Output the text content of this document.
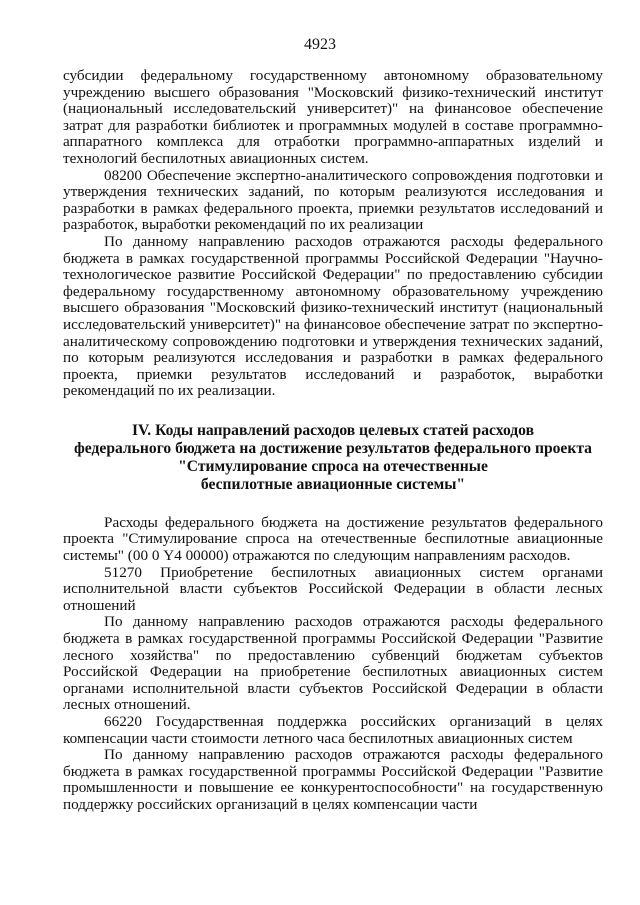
4923

субсидии федеральному государственному автономному образовательному учреждению высшего образования "Московский физико-технический институт (национальный исследовательский университет)" на финансовое обеспечение затрат для разработки библиотек и программных модулей в составе программно-аппаратного комплекса для отработки программно-аппаратных изделий и технологий беспилотных авиационных систем.

08200 Обеспечение экспертно-аналитического сопровождения подготовки и утверждения технических заданий, по которым реализуются исследования и разработки в рамках федерального проекта, приемки результатов исследований и разработок, выработки рекомендаций по их реализации

По данному направлению расходов отражаются расходы федерального бюджета в рамках государственной программы Российской Федерации "Научно-технологическое развитие Российской Федерации" по предоставлению субсидии федеральному государственному автономному образовательному учреждению высшего образования "Московский физико-технический институт (национальный исследовательский университет)" на финансовое обеспечение затрат по экспертно-аналитическому сопровождению подготовки и утверждения технических заданий, по которым реализуются исследования и разработки в рамках федерального проекта, приемки результатов исследований и разработок, выработки рекомендаций по их реализации.

IV. Коды направлений расходов целевых статей расходов
федерального бюджета на достижение результатов федерального проекта
"Стимулирование спроса на отечественные
беспилотные авиационные системы"

Расходы федерального бюджета на достижение результатов федерального проекта "Стимулирование спроса на отечественные беспилотные авиационные системы" (00 0 Y4 00000) отражаются по следующим направлениям расходов.

51270 Приобретение беспилотных авиационных систем органами исполнительной власти субъектов Российской Федерации в области лесных отношений

По данному направлению расходов отражаются расходы федерального бюджета в рамках государственной программы Российской Федерации "Развитие лесного хозяйства" по предоставлению субвенций бюджетам субъектов Российской Федерации на приобретение беспилотных авиационных систем органами исполнительной власти субъектов Российской Федерации в области лесных отношений.

66220 Государственная поддержка российских организаций в целях компенсации части стоимости летного часа беспилотных авиационных систем

По данному направлению расходов отражаются расходы федерального бюджета в рамках государственной программы Российской Федерации "Развитие промышленности и повышение ее конкурентоспособности" на государственную поддержку российских организаций в целях компенсации части
